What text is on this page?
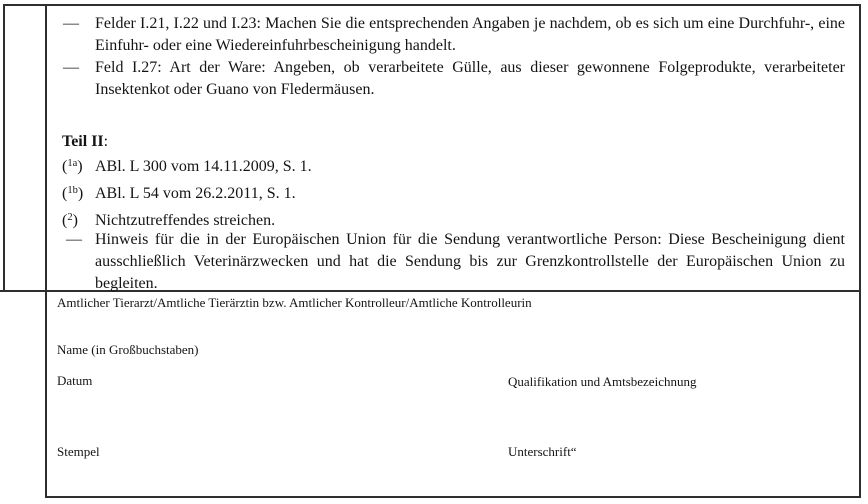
—	Felder I.21, I.22 und I.23: Machen Sie die entsprechenden Angaben je nachdem, ob es sich um eine Durchfuhr-, eine Einfuhr- oder eine Wiedereinfuhrbescheinigung handelt.
—	Feld I.27: Art der Ware: Angeben, ob verarbeitete Gülle, aus dieser gewonnene Folgeprodukte, verarbeiteter Insektenkot oder Guano von Fledermäusen.
Teil II:
($^{1a}$) ABl. L 300 vom 14.11.2009, S. 1.
($^{1b}$) ABl. L 54 vom 26.2.2011, S. 1.
($^2$)	Nichtzutreffendes streichen.
— Hinweis für die in der Europäischen Union für die Sendung verantwortliche Person: Diese Bescheinigung dient ausschließlich Veterinärzwecken und hat die Sendung bis zur Grenzkontrollstelle der Europäischen Union zu begleiten.
Amtlicher Tierarzt/Amtliche Tierärztin bzw. Amtlicher Kontrolleur/Amtliche Kontrolleurin
Name (in Großbuchstaben)
Datum	Qualifikation und Amtsbezeichnung
Stempel	Unterschrift“
